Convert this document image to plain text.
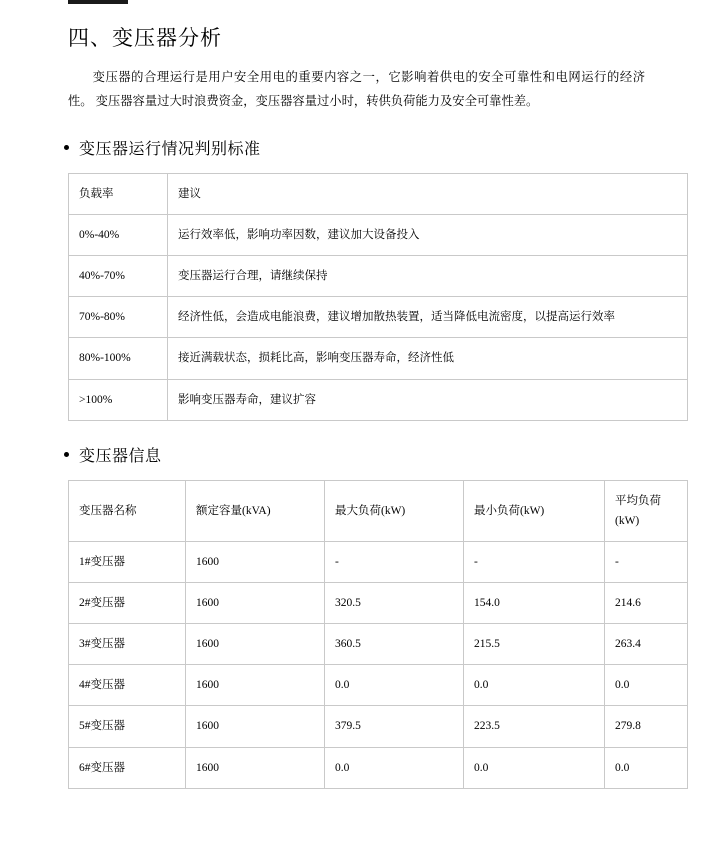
四、变压器分析

变压器的合理运行是用户安全用电的重要内容之一，它影响着供电的安全可靠性和电网运行的经济性。 变压器容量过大时浪费资金，变压器容量过小时，转供负荷能力及安全可靠性差。

变压器运行情况判别标准
负载率	建议
0%-40%	运行效率低，影响功率因数，建议加大设备投入
40%-70%	变压器运行合理，请继续保持
70%-80%	经济性低，会造成电能浪费，建议增加散热装置，适当降低电流密度，以提高运行效率
80%-100%	接近满载状态，损耗比高，影响变压器寿命，经济性低
>100%	影响变压器寿命，建议扩容
变压器信息
变压器名称	额定容量(kVA)	最大负荷(kW)	最小负荷(kW)	平均负荷(kW)
1#变压器	1600	-	-	-
2#变压器	1600	320.5	154.0	214.6
3#变压器	1600	360.5	215.5	263.4
4#变压器	1600	0.0	0.0	0.0
5#变压器	1600	379.5	223.5	279.8
6#变压器	1600	0.0	0.0	0.0
